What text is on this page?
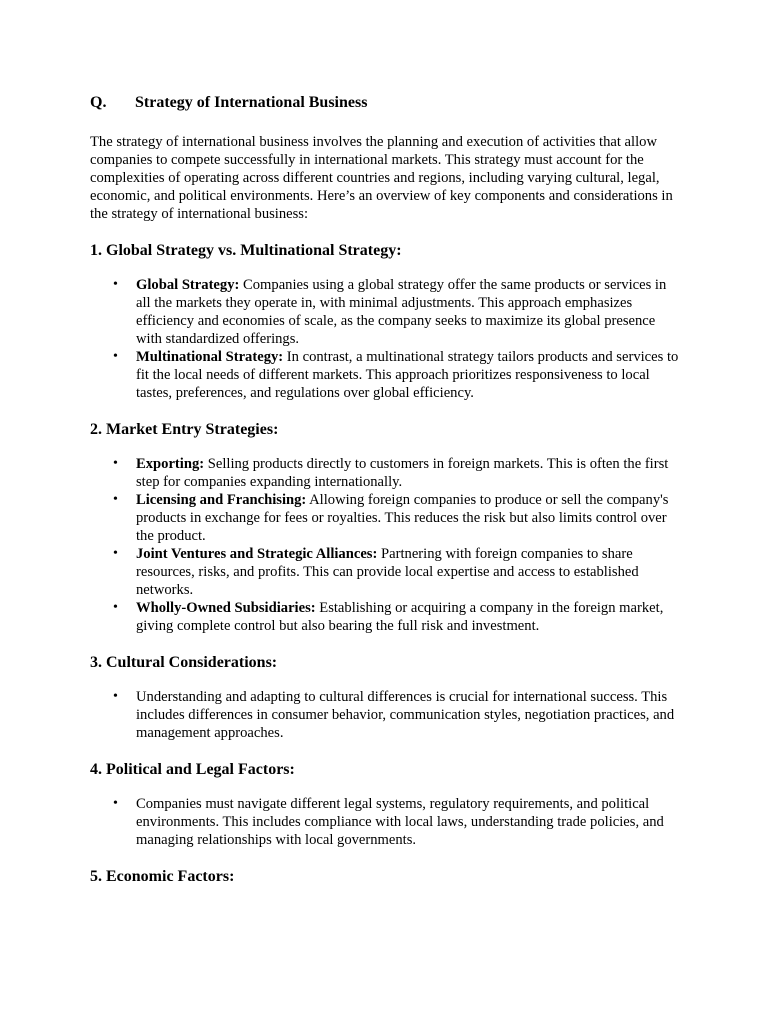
Q.	Strategy of International Business

The strategy of international business involves the planning and execution of activities that allow companies to compete successfully in international markets. This strategy must account for the complexities of operating across different countries and regions, including varying cultural, legal, economic, and political environments. Here’s an overview of key components and considerations in the strategy of international business:

1. Global Strategy vs. Multinational Strategy:
• Global Strategy: Companies using a global strategy offer the same products or services in all the markets they operate in, with minimal adjustments. This approach emphasizes efficiency and economies of scale, as the company seeks to maximize its global presence with standardized offerings.
• Multinational Strategy: In contrast, a multinational strategy tailors products and services to fit the local needs of different markets. This approach prioritizes responsiveness to local tastes, preferences, and regulations over global efficiency.
2. Market Entry Strategies:
• Exporting: Selling products directly to customers in foreign markets. This is often the first step for companies expanding internationally.
• Licensing and Franchising: Allowing foreign companies to produce or sell the company's products in exchange for fees or royalties. This reduces the risk but also limits control over the product.
• Joint Ventures and Strategic Alliances: Partnering with foreign companies to share resources, risks, and profits. This can provide local expertise and access to established networks.
• Wholly-Owned Subsidiaries: Establishing or acquiring a company in the foreign market, giving complete control but also bearing the full risk and investment.
3. Cultural Considerations:
• Understanding and adapting to cultural differences is crucial for international success. This includes differences in consumer behavior, communication styles, negotiation practices, and management approaches.
4. Political and Legal Factors:
• Companies must navigate different legal systems, regulatory requirements, and political environments. This includes compliance with local laws, understanding trade policies, and managing relationships with local governments.
5. Economic Factors:
